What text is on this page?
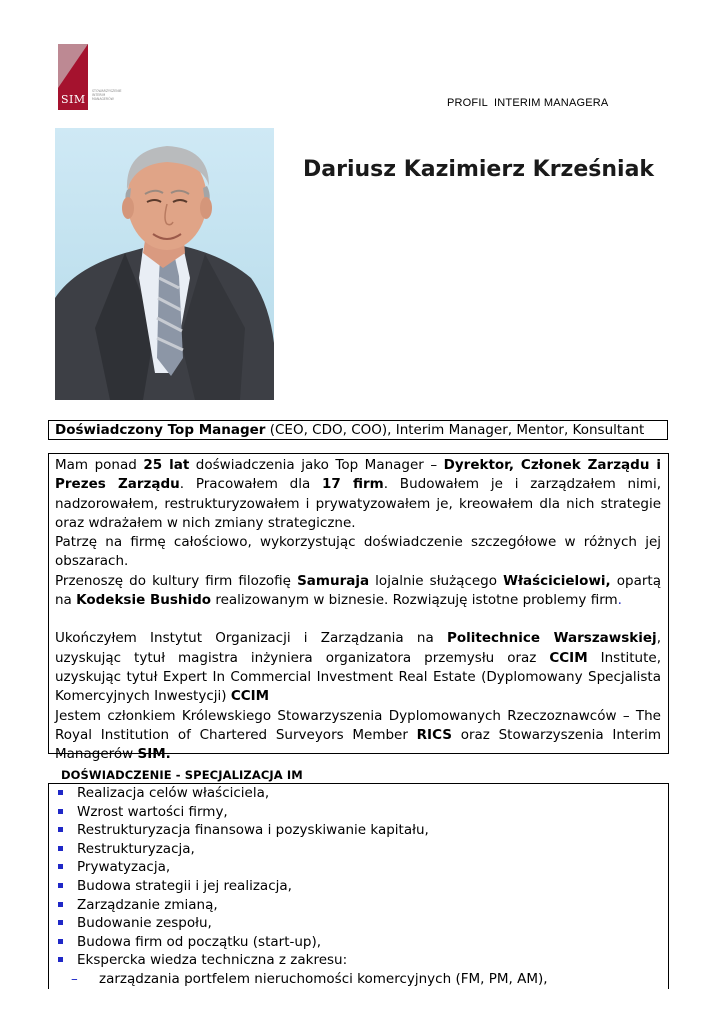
SIM
STOWARZYSZENIE
INTERIM
MANAGERÓW	PROFIL  INTERIM MANAGERA
Dariusz Kazimierz Krześniak
Doświadczony Top Manager (CEO, CDO, COO), Interim Manager, Mentor, Konsultant

Mam ponad 25 lat doświadczenia jako Top Manager – Dyrektor, Członek Zarządu i Prezes Zarządu. Pracowałem dla 17 firm. Budowałem je i zarządzałem nimi, nadzorowałem, restrukturyzowałem i prywatyzowałem je, kreowałem dla nich strategie oraz wdrażałem w nich zmiany strategiczne.

Patrzę na firmę całościowo, wykorzystując doświadczenie szczegółowe w różnych jej obszarach.

Przenoszę do kultury firm filozofię Samuraja lojalnie służącego Właścicielowi, opartą na Kodeksie Bushido realizowanym w biznesie. Rozwiązuję istotne problemy firm.

Ukończyłem Instytut Organizacji i Zarządzania na Politechnice Warszawskiej, uzyskując tytuł magistra inżyniera organizatora przemysłu oraz CCIM Institute, uzyskując tytuł Expert In Commercial Investment Real Estate (Dyplomowany Specjalista Komercyjnych Inwestycji) CCIM

Jestem członkiem Królewskiego Stowarzyszenia Dyplomowanych Rzeczoznawców – The Royal Institution of Chartered Surveyors Member RICS oraz Stowarzyszenia Interim Managerów SIM.

DOŚWIADCZENIE - SPECJALIZACJA IM
Realizacja celów właściciela,
Wzrost wartości firmy,
Restrukturyzacja finansowa i pozyskiwanie kapitału,
Restrukturyzacja,
Prywatyzacja,
Budowa strategii i jej realizacja,
Zarządzanie zmianą,
Budowanie zespołu,
Budowa firm od początku (start-up),
Ekspercka wiedza techniczna z zakresu:
– zarządzania portfelem nieruchomości komercyjnych (FM, PM, AM),
